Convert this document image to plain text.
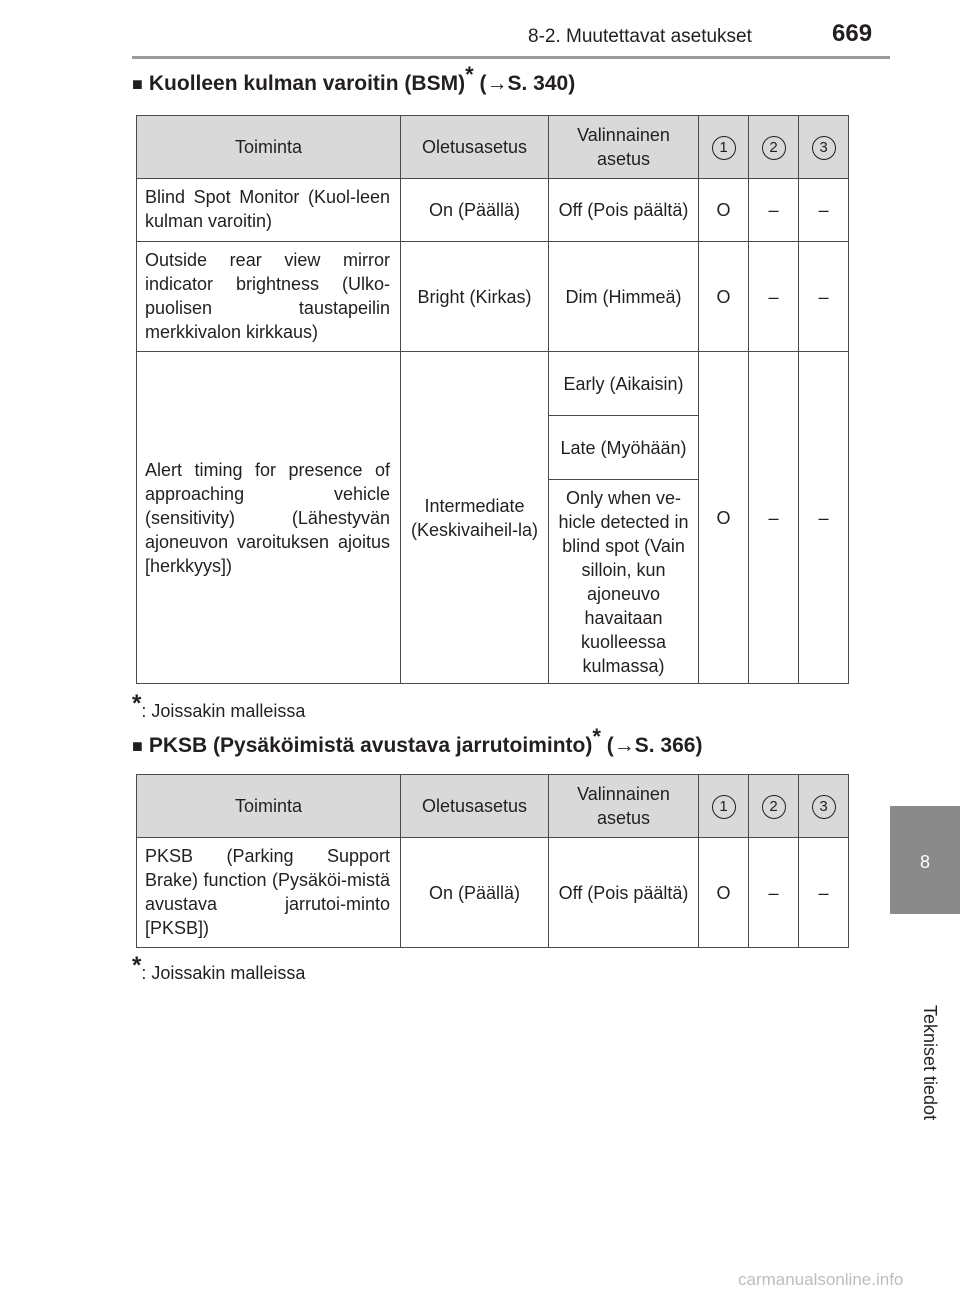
8-2. Muutettavat asetukset	669
8
Tekniset tiedot
■ Kuolleen kulman varoitin (BSM)* (→S. 340)
Toiminta	Oletusasetus	Valinnainen asetus	1	2	3
Blind Spot Monitor (Kuol-leen kulman varoitin)	On (Päällä)	Off (Pois päältä)	O	–	–
Outside rear view mirror indicator brightness (Ulko-puolisen taustapeilin merkkivalon kirkkaus)	Bright (Kirkas)	Dim (Himmeä)	O	–	–
Alert timing for presence of approaching vehicle (sensitivity) (Lähestyvän ajoneuvon varoituksen ajoitus [herkkyys])	Intermediate (Keskivaiheil-la)	Early (Aikaisin)	O	–	–
		Late (Myöhään)			
		Only when ve-hicle detected in blind spot (Vain silloin, kun ajoneuvo havaitaan kuolleessa kulmassa)			
*: Joissakin malleissa
■ PKSB (Pysäköimistä avustava jarrutoiminto)* (→S. 366)
Toiminta	Oletusasetus	Valinnainen asetus	1	2	3
PKSB (Parking Support Brake) function (Pysäköi-mistä avustava jarrutoi-minto [PKSB])	On (Päällä)	Off (Pois päältä)	O	–	–
*: Joissakin malleissa
carmanualsonline.info
